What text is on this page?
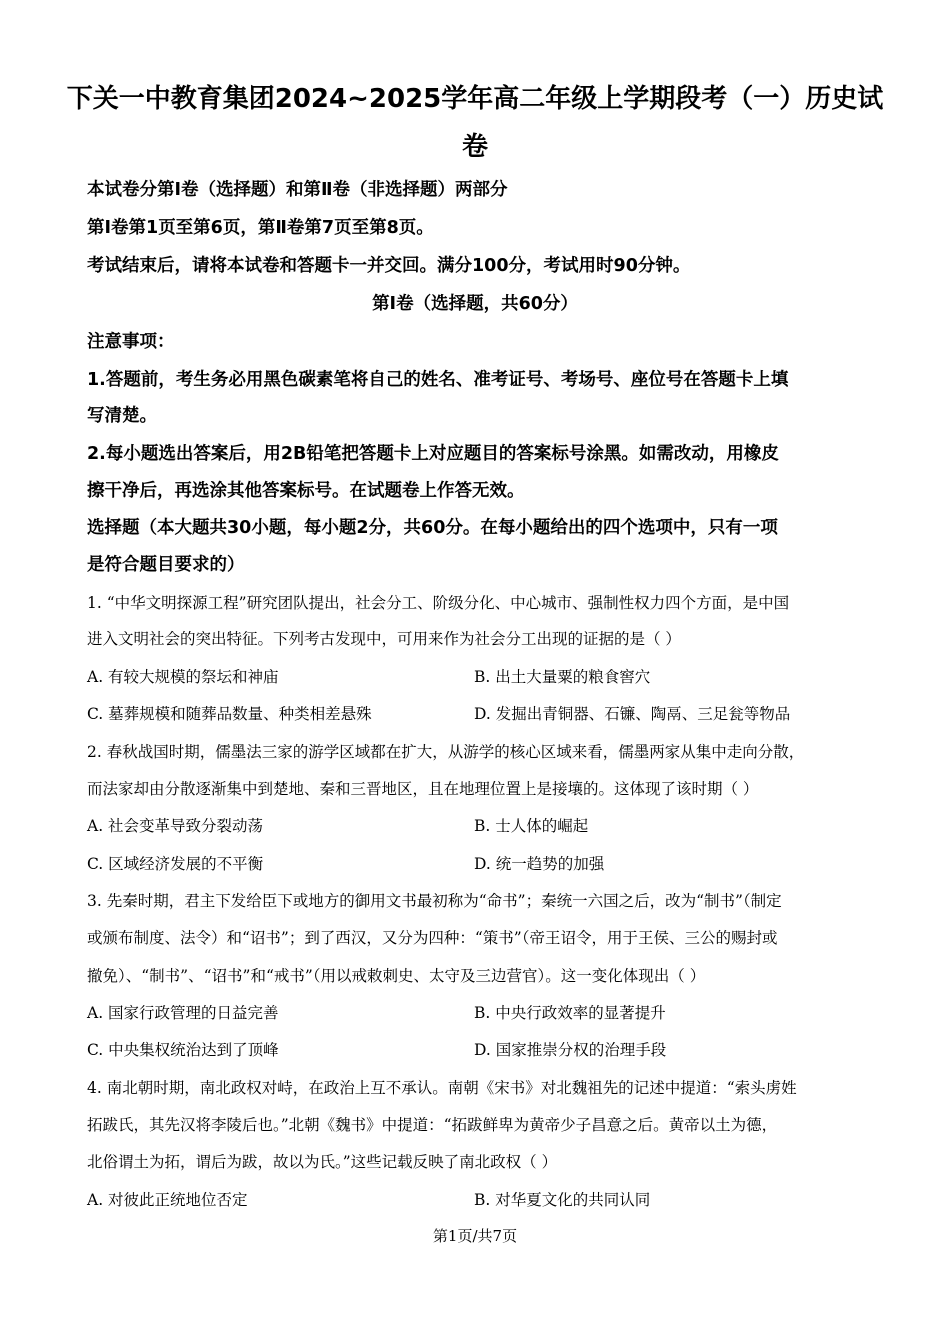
下关一中教育集团2024~2025学年高二年级上学期段考（一）历史试
卷
本试卷分第Ⅰ卷（选择题）和第Ⅱ卷（非选择题）两部分
第Ⅰ卷第1页至第6页，第Ⅱ卷第7页至第8页。
考试结束后，请将本试卷和答题卡一并交回。满分100分，考试用时90分钟。
第Ⅰ卷（选择题，共60分）
注意事项：
1.答题前，考生务必用黑色碳素笔将自己的姓名、准考证号、考场号、座位号在答题卡上填
写清楚。
2.每小题选出答案后，用2B铅笔把答题卡上对应题目的答案标号涂黑。如需改动，用橡皮
擦干净后，再选涂其他答案标号。在试题卷上作答无效。
选择题（本大题共30小题，每小题2分，共60分。在每小题给出的四个选项中，只有一项
是符合题目要求的）
1. “中华文明探源工程”研究团队提出，社会分工、阶级分化、中心城市、强制性权力四个方面，是中国
进入文明社会的突出特征。下列考古发现中，可用来作为社会分工出现的证据的是（ ）
A. 有较大规模的祭坛和神庙	B. 出土大量粟的粮食窖穴
C. 墓葬规模和随葬品数量、种类相差悬殊	D. 发掘出青铜器、石镰、陶鬲、三足瓮等物品
2. 春秋战国时期，儒墨法三家的游学区域都在扩大，从游学的核心区域来看，儒墨两家从集中走向分散，
而法家却由分散逐渐集中到楚地、秦和三晋地区，且在地理位置上是接壤的。这体现了该时期（ ）
A. 社会变革导致分裂动荡	B. 士人体的崛起
C. 区域经济发展的不平衡	D. 统一趋势的加强
3. 先秦时期，君主下发给臣下或地方的御用文书最初称为“命书”；秦统一六国之后，改为“制书”（制定
或颁布制度、法令）和“诏书”；到了西汉，又分为四种：“策书”（帝王诏令，用于王侯、三公的赐封或
撤免）、“制书”、“诏书”和“戒书”（用以戒敕刺史、太守及三边营官）。这一变化体现出（ ）
A. 国家行政管理的日益完善	B. 中央行政效率的显著提升
C. 中央集权统治达到了顶峰	D. 国家推崇分权的治理手段
4. 南北朝时期，南北政权对峙，在政治上互不承认。南朝《宋书》对北魏祖先的记述中提道：“索头虏姓
拓跋氏，其先汉将李陵后也。”北朝《魏书》中提道：“拓跋鲜卑为黄帝少子昌意之后。黄帝以土为德，
北俗谓土为拓，谓后为跋，故以为氏。”这些记载反映了南北政权（ ）
A. 对彼此正统地位否定	B. 对华夏文化的共同认同
第1页/共7页
